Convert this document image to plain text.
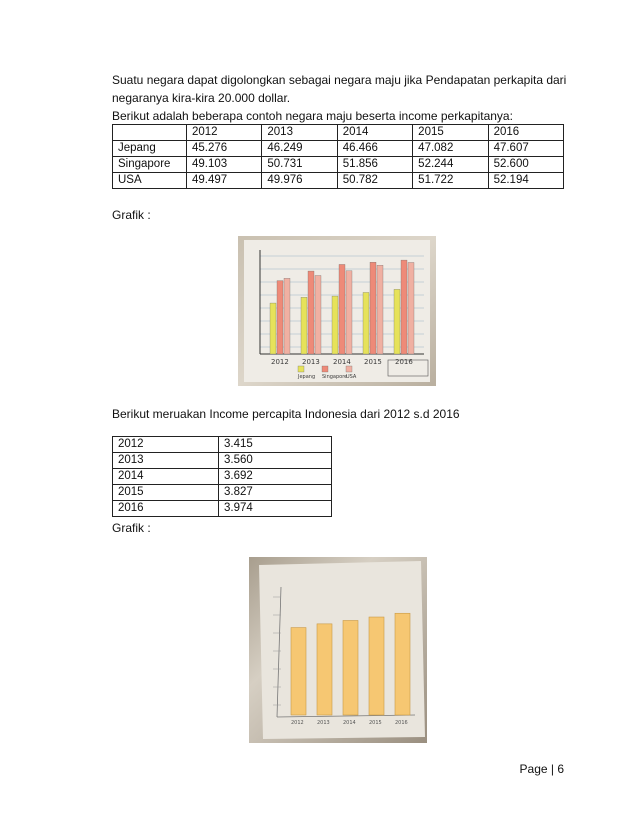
Suatu negara dapat digolongkan sebagai negara maju jika Pendapatan perkapita dari
negaranya kira-kira 20.000 dollar.
Berikut adalah beberapa contoh negara maju beserta income perkapitanya:
	2012	2013	2014	2015	2016
Jepang	45.276	46.249	46.466	47.082	47.607
Singapore	49.103	50.731	51.856	52.244	52.600
USA	49.497	49.976	50.782	51.722	52.194
Grafik :
2012 2013 2014 2015 2016
Jepang Singapore
USA
Berikut meruakan Income percapita Indonesia dari 2012 s.d 2016
2012	3.415
2013	3.560
2014	3.692
2015	3.827
2016	3.974
Grafik :
2012	2013	2014	2015	2016
Page | 6
